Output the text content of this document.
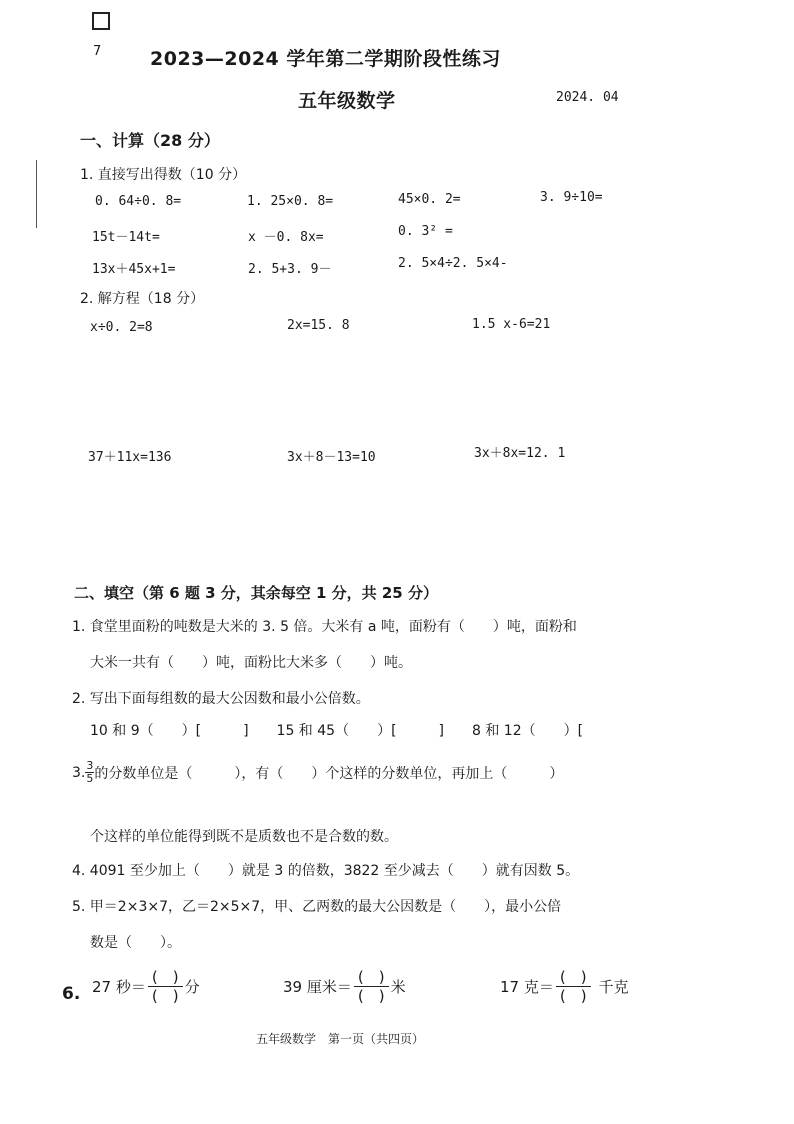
7	2023—2024 学年第二学期阶段性练习
五年级数学	2024. 04
一、计算（28 分）
1. 直接写出得数（10 分）
0. 64÷0. 8=	1. 25×0. 8=	45×0. 2=	3. 9÷10=
15t－14t=	x －0. 8x=	0. 3² =
13x＋45x+1=	2. 5+3. 9－	2. 5×4÷2. 5×4-
2. 解方程（18 分）
x÷0. 2=8	2x=15. 8	1.5 x-6=21
37＋11x=136	3x＋8－13=10	3x＋8x=12. 1
二、填空（第 6 题 3 分，其余每空 1 分，共 25 分）
1. 食堂里面粉的吨数是大米的 3. 5 倍。大米有 a 吨，面粉有（　　）吨，面粉和
大米一共有（　　）吨，面粉比大米多（　　）吨。
2. 写出下面每组数的最大公因数和最小公倍数。
10 和 9（　　）[　　　]　　15 和 45（　　）[　　　]　　8 和 12（　　）[
3. $\frac{3}{5}$ 的分数单位是（　　　），有（　　）个这样的分数单位，再加上（　　　）
个这样的单位能得到既不是质数也不是合数的数。
4. 4091 至少加上（　　）就是 3 的倍数，3822 至少减去（　　）就有因数 5。
5. 甲＝2×3×7，乙＝2×5×7，甲、乙两数的最大公因数是（　　），最小公倍
数是（　　）。
6. 27 秒＝ $\frac{( )}{( )}$ 分	39 厘米＝ $\frac{( )}{( )}$ 米	17 克＝ $\frac{( )}{( )}$ 千克
五年级数学　第一页（共四页）
